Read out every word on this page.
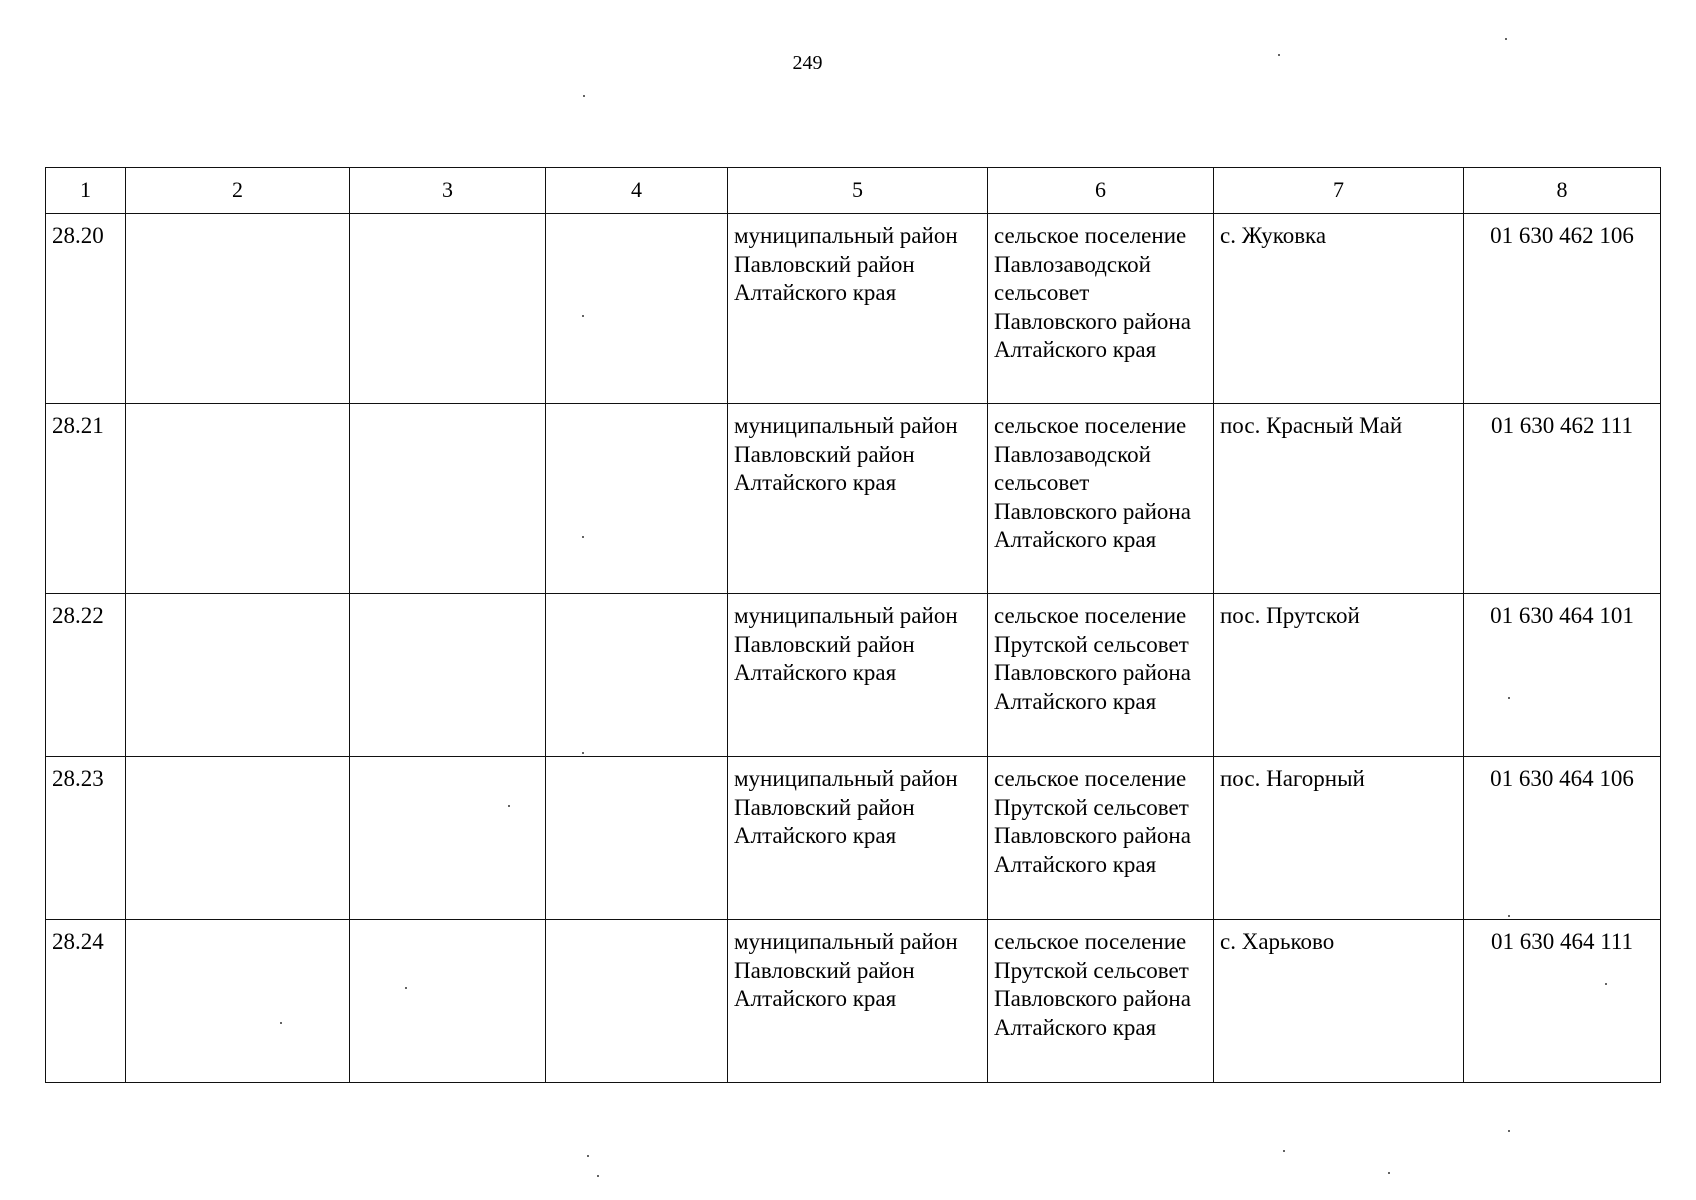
249
1	2	3	4	5	6	7	8
28.20				муниципальный район Павловский район Алтайского края	сельское поселение Павлозаводской сельсовет Павловского района Алтайского края	с. Жуковка	01 630 462 106
28.21				муниципальный район Павловский район Алтайского края	сельское поселение Павлозаводской сельсовет Павловского района Алтайского края	пос. Красный Май	01 630 462 111
28.22				муниципальный район Павловский район Алтайского края	сельское поселение Прутской сельсовет Павловского района Алтайского края	пос. Прутской	01 630 464 101
28.23				муниципальный район Павловский район Алтайского края	сельское поселение Прутской сельсовет Павловского района Алтайского края	пос. Нагорный	01 630 464 106
28.24				муниципальный район Павловский район Алтайского края	сельское поселение Прутской сельсовет Павловского района Алтайского края	с. Харьково	01 630 464 111
